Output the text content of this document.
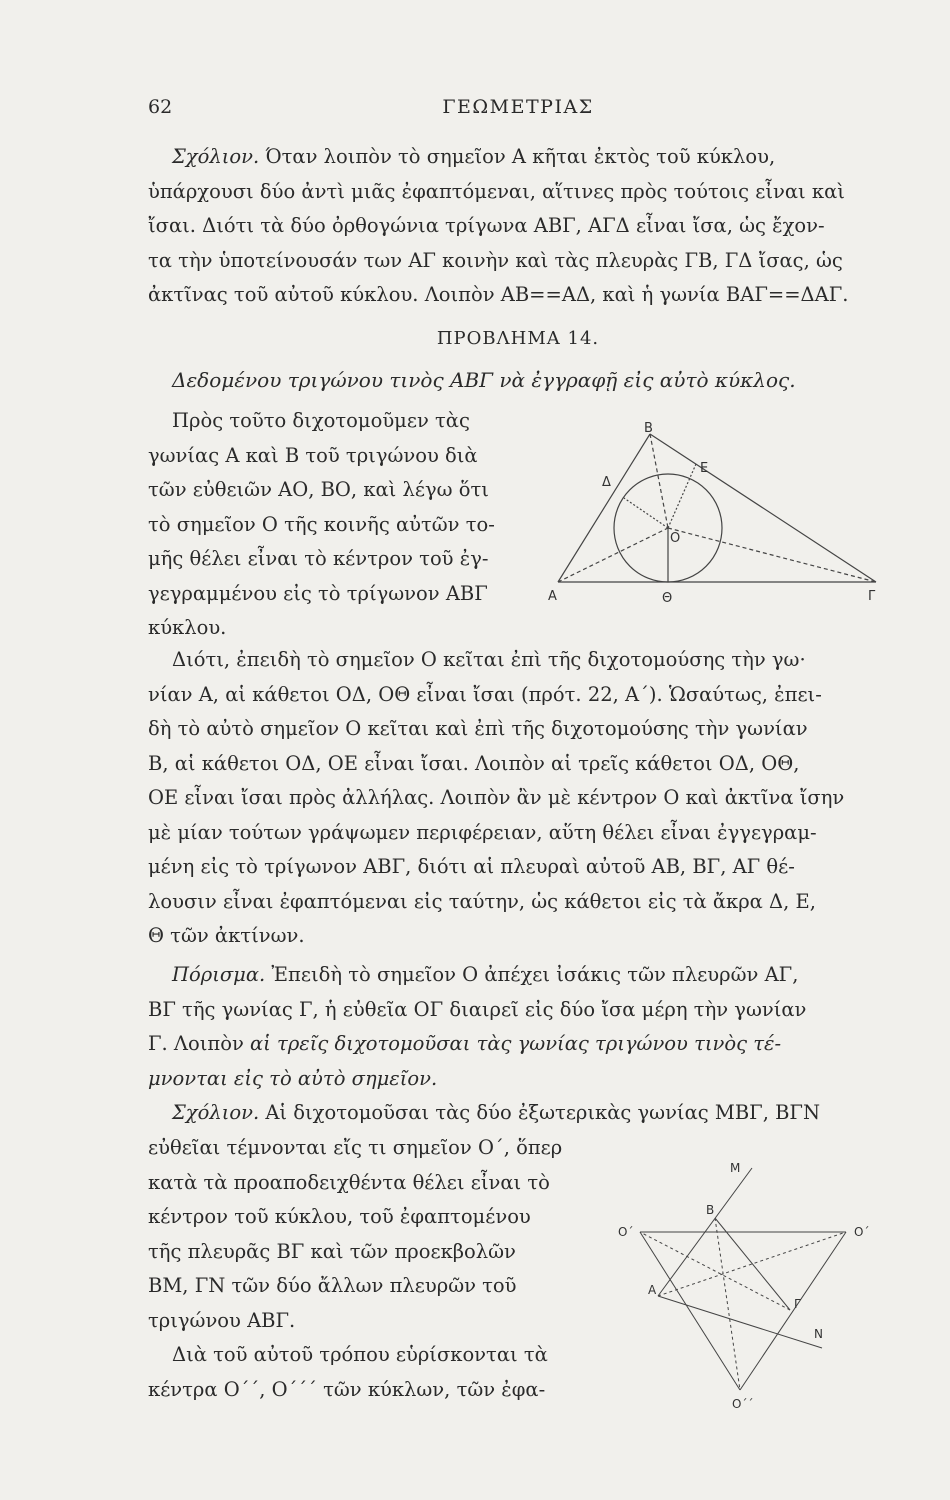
62	ΓΕΩΜΕΤΡΙΑΣ
Σχόλιον. Όταν λοιπὸν τὸ σημεῖον Α κῆται ἐκτὸς τοῦ κύκλου,
ὑπάρχουσι δύο ἀντὶ μιᾶς ἐφαπτόμεναι, αἵτινες πρὸς τούτοις εἶναι καὶ
ἴσαι. Διότι τὰ δύο ὀρθογώνια τρίγωνα ΑΒΓ, ΑΓΔ εἶναι ἴσα, ὡς ἔχον-
τα τὴν ὑποτείνουσάν των ΑΓ κοινὴν καὶ τὰς πλευρὰς ΓΒ, ΓΔ ἴσας, ὡς
ἀκτῖνας τοῦ αὐτοῦ κύκλου. Λοιπὸν ΑΒ==ΑΔ, καὶ ἡ γωνία ΒΑΓ==ΔΑΓ.
ΠΡΟΒΛΗΜΑ 14.
Δεδομένου τριγώνου τινὸς ΑΒΓ νὰ ἐγγραφῇ εἰς αὐτὸ κύκλος.
Πρὸς τοῦτο διχοτομοῦμεν τὰς
γωνίας Α καὶ Β τοῦ τριγώνου διὰ
τῶν εὐθειῶν ΑΟ, ΒΟ, καὶ λέγω ὅτι
τὸ σημεῖον Ο τῆς κοινῆς αὐτῶν το-
μῆς θέλει εἶναι τὸ κέντρον τοῦ ἐγ-
γεγραμμένου εἰς τὸ τρίγωνον ΑΒΓ
κύκλου.
Α
Β
Γ
Δ
Ε
Ο
Θ
Διότι, ἐπειδὴ τὸ σημεῖον Ο κεῖται ἐπὶ τῆς διχοτομούσης τὴν γω·
νίαν Α, αἱ κάθετοι ΟΔ, ΟΘ εἶναι ἴσαι (πρότ. 22, Α΄). Ὡσαύτως, ἐπει-
δὴ τὸ αὐτὸ σημεῖον Ο κεῖται καὶ ἐπὶ τῆς διχοτομούσης τὴν γωνίαν
Β, αἱ κάθετοι ΟΔ, ΟΕ εἶναι ἴσαι. Λοιπὸν αἱ τρεῖς κάθετοι ΟΔ, ΟΘ,
ΟΕ εἶναι ἴσαι πρὸς ἀλλήλας. Λοιπὸν ἂν μὲ κέντρον Ο καὶ ἀκτῖνα ἴσην
μὲ μίαν τούτων γράψωμεν περιφέρειαν, αὕτη θέλει εἶναι ἐγγεγραμ-
μένη εἰς τὸ τρίγωνον ΑΒΓ, διότι αἱ πλευραὶ αὐτοῦ ΑΒ, ΒΓ, ΑΓ θέ-
λουσιν εἶναι ἐφαπτόμεναι εἰς ταύτην, ὡς κάθετοι εἰς τὰ ἄκρα Δ, Ε,
Θ τῶν ἀκτίνων.
Πόρισμα. Ἐπειδὴ τὸ σημεῖον Ο ἀπέχει ἰσάκις τῶν πλευρῶν ΑΓ,
ΒΓ τῆς γωνίας Γ, ἡ εὐθεῖα ΟΓ διαιρεῖ εἰς δύο ἴσα μέρη τὴν γωνίαν
Γ. Λοιπὸν αἱ τρεῖς διχοτομοῦσαι τὰς γωνίας τριγώνου τινὸς τέ-
μνονται εἰς τὸ αὐτὸ σημεῖον.
Σχόλιον. Αἱ διχοτομοῦσαι τὰς δύο ἐξωτερικὰς γωνίας ΜΒΓ, ΒΓΝ
εὐθεῖαι τέμνονται εἴς τι σημεῖον Ο΄, ὅπερ
κατὰ τὰ προαποδειχθέντα θέλει εἶναι τὸ
κέντρον τοῦ κύκλου, τοῦ ἐφαπτομένου
τῆς πλευρᾶς ΒΓ καὶ τῶν προεκβολῶν
ΒΜ, ΓΝ τῶν δύο ἄλλων πλευρῶν τοῦ
τριγώνου ΑΒΓ.
Διὰ τοῦ αὐτοῦ τρόπου εὑρίσκονται τὰ
κέντρα Ο΄΄, Ο΄΄΄ τῶν κύκλων, τῶν ἐφα-
Μ
Β
Ο΄	Ο΄
Α
Γ
Ν
Ο΄΄
